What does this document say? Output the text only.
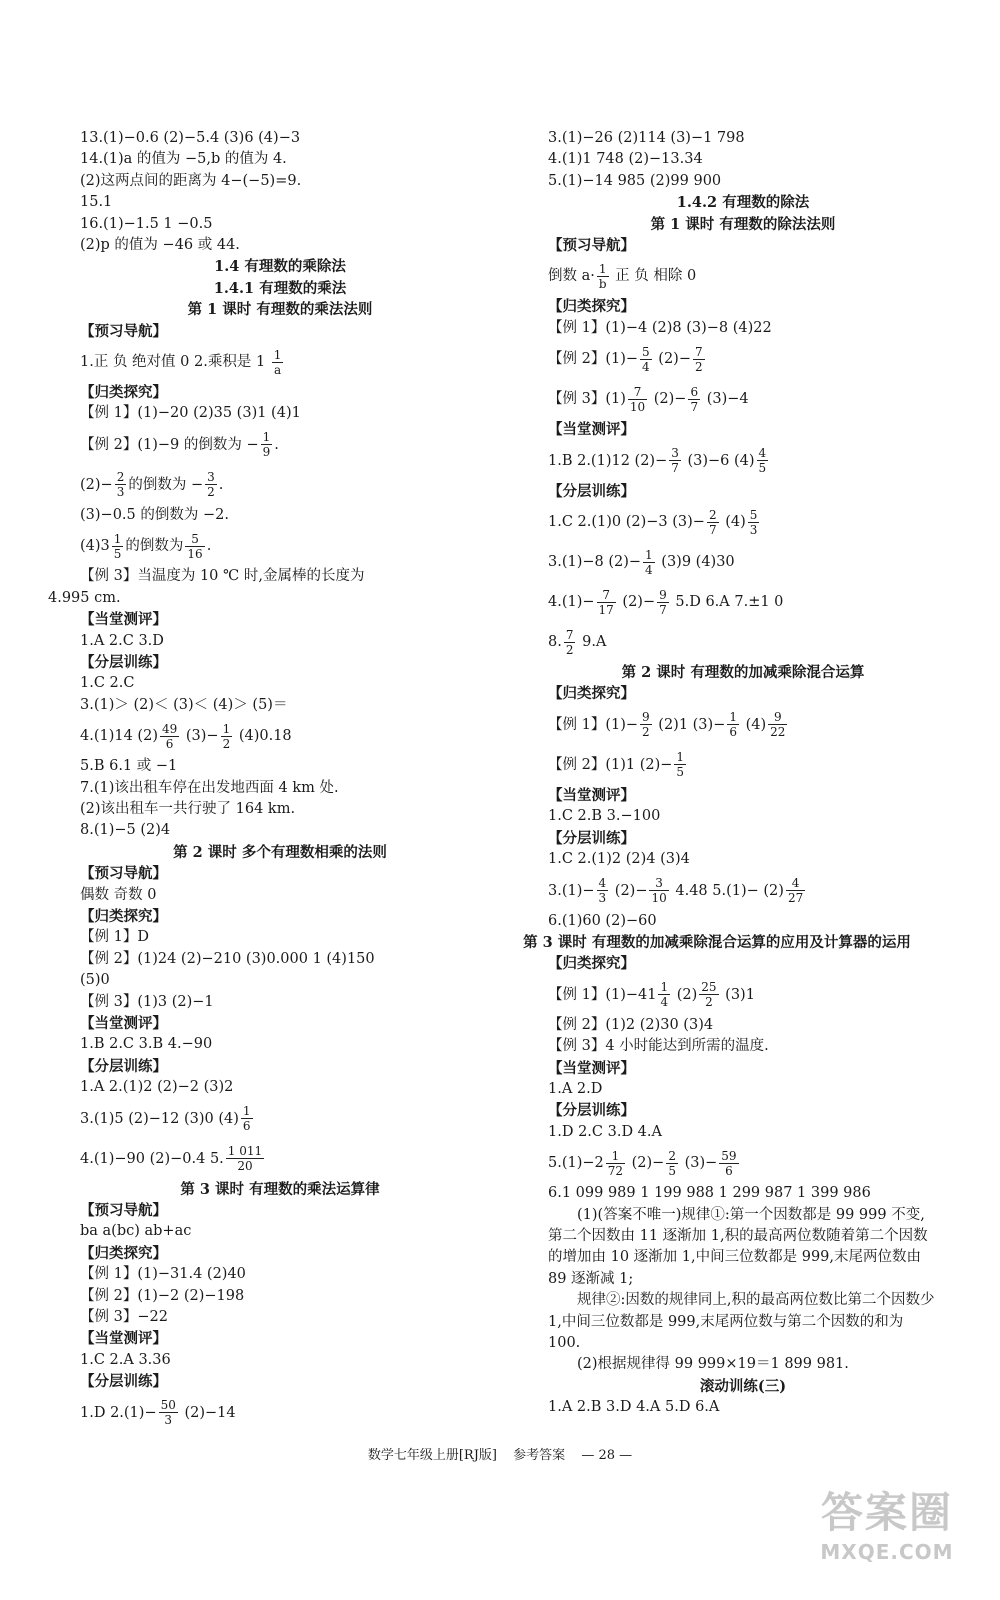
13.(1)−0.6 (2)−5.4 (3)6 (4)−3
14.(1)a 的值为 −5,b 的值为 4.
(2)这两点间的距离为 4−(−5)=9.
15.1
16.(1)−1.5 1 −0.5
(2)p 的值为 −46 或 44.
1.4 有理数的乘除法
1.4.1 有理数的乘法
第 1 课时 有理数的乘法法则
【预习导航】
1.正 负 绝对值 0 2.乘积是 $1 \frac{1}{a}$
【归类探究】
【例 1】(1)−20 (2)35 (3)1 (4)1
【例 2】(1)−9 的倒数为 − $\frac{1}{9}$ .
$(2)- \frac{2}{3}$ 的倒数为 − $\frac{3}{2}$ .
(3)−0.5 的倒数为 −2.
$(4)3 \frac{1}{5}$ 的倒数为 $\frac{5}{16}$ .
【例 3】当温度为 10 ℃ 时,金属棒的长度为
4.995 cm.
【当堂测评】
1.A 2.C 3.D
【分层训练】
1.C 2.C
3.(1)＞ (2)＜ (3)＜ (4)＞ (5)＝
4.(1)14 $(2) \frac{49}{6} (3)- \frac{1}{2} (4)0.18$
5.B 6.1 或 −1
7.(1)该出租车停在出发地西面 4 km 处.
(2)该出租车一共行驶了 164 km.
8.(1)−5 (2)4
第 2 课时 多个有理数相乘的法则
【预习导航】
偶数 奇数 0
【归类探究】
【例 1】D
【例 2】(1)24 (2)−210 (3)0.000 1 (4)150
(5)0
【例 3】(1)3 (2)−1
【当堂测评】
1.B 2.C 3.B 4.−90
【分层训练】
1.A 2.(1)2 (2)−2 (3)2
3.(1)5 (2)−12 (3)0 $(4) \frac{1}{6}$
4.(1)−90 (2)−0.4 5. $\frac{1 011}{20}$
第 3 课时 有理数的乘法运算律
【预习导航】
ba a(bc) ab+ac
【归类探究】
【例 1】(1)−31.4 (2)40
【例 2】(1)−2 (2)−198
【例 3】−22
【当堂测评】
1.C 2.A 3.36
【分层训练】
1.D $2.(1)- \frac{50}{3} (2)-14$
3.(1)−26 (2)114 (3)−1 798
4.(1)1 748 (2)−13.34
5.(1)−14 985 (2)99 900
1.4.2 有理数的除法
第 1 课时 有理数的除法法则
【预习导航】
倒数 $a\cdot \frac{1}{b}$ 正 负 相除 0
【归类探究】
【例 1】(1)−4 (2)8 (3)−8 (4)22
【例 2】$(1)- \frac{5}{4} (2)- \frac{7}{2}$
【例 3】$(1) \frac{7}{10} (2)- \frac{6}{7} (3)-4$
【当堂测评】
1.B 2.(1)12 $(2)- \frac{3}{7} (3)-6$ $(4) \frac{4}{5}$
【分层训练】
1.C 2.(1)0 (2)−3 $(3)- \frac{2}{7} (4) \frac{5}{3}$
3.(1)−8 $(2)- \frac{1}{4} (3)9$ (4)30
$4.(1)- \frac{7}{17} (2)- \frac{9}{7} 5.D$ 6.A 7.±1 0
8. $\frac{7}{2} 9.A$
第 2 课时 有理数的加减乘除混合运算
【归类探究】
【例 1】$(1)- \frac{9}{2} (2)1$ $(3)- \frac{1}{6} (4) \frac{9}{22}$
【例 2】(1)1 $(2)- \frac{1}{5}$
【当堂测评】
1.C 2.B 3.−100
【分层训练】
1.C 2.(1)2 (2)4 (3)4
$3.(1)- \frac{4}{3} (2)- \frac{3}{10} 4.48$ $5.(1)- (2) \frac{4}{27}$
6.(1)60 (2)−60
第 3 课时 有理数的加减乘除混合运算的应用及计算器的运用
【归类探究】
【例 1】$(1)-41 \frac{1}{4} (2) \frac{25}{2} (3)1$
【例 2】(1)2 (2)30 (3)4
【例 3】4 小时能达到所需的温度.
【当堂测评】
1.A 2.D
【分层训练】
1.D 2.C 3.D 4.A
$5.(1)-2 \frac{1}{72} (2)- \frac{2}{5} (3)- \frac{59}{6}$
6.1 099 989 1 199 988 1 299 987 1 399 986
(1)(答案不唯一)规律①:第一个因数都是 99 999 不变,第二个因数由 11 逐渐加 1,积的最高两位数随着第二个因数的增加由 10 逐渐加 1,中间三位数都是 999,末尾两位数由 89 逐渐减 1;
规律②:因数的规律同上,积的最高两位数比第二个因数少 1,中间三位数都是 999,末尾两位数与第二个因数的和为 100.
(2)根据规律得 99 999×19＝1 899 981.
滚动训练(三)
1.A 2.B 3.D 4.A 5.D 6.A
数学七年级上册[RJ版] 参考答案 — 28 —
答案圈
MXQE.COM
